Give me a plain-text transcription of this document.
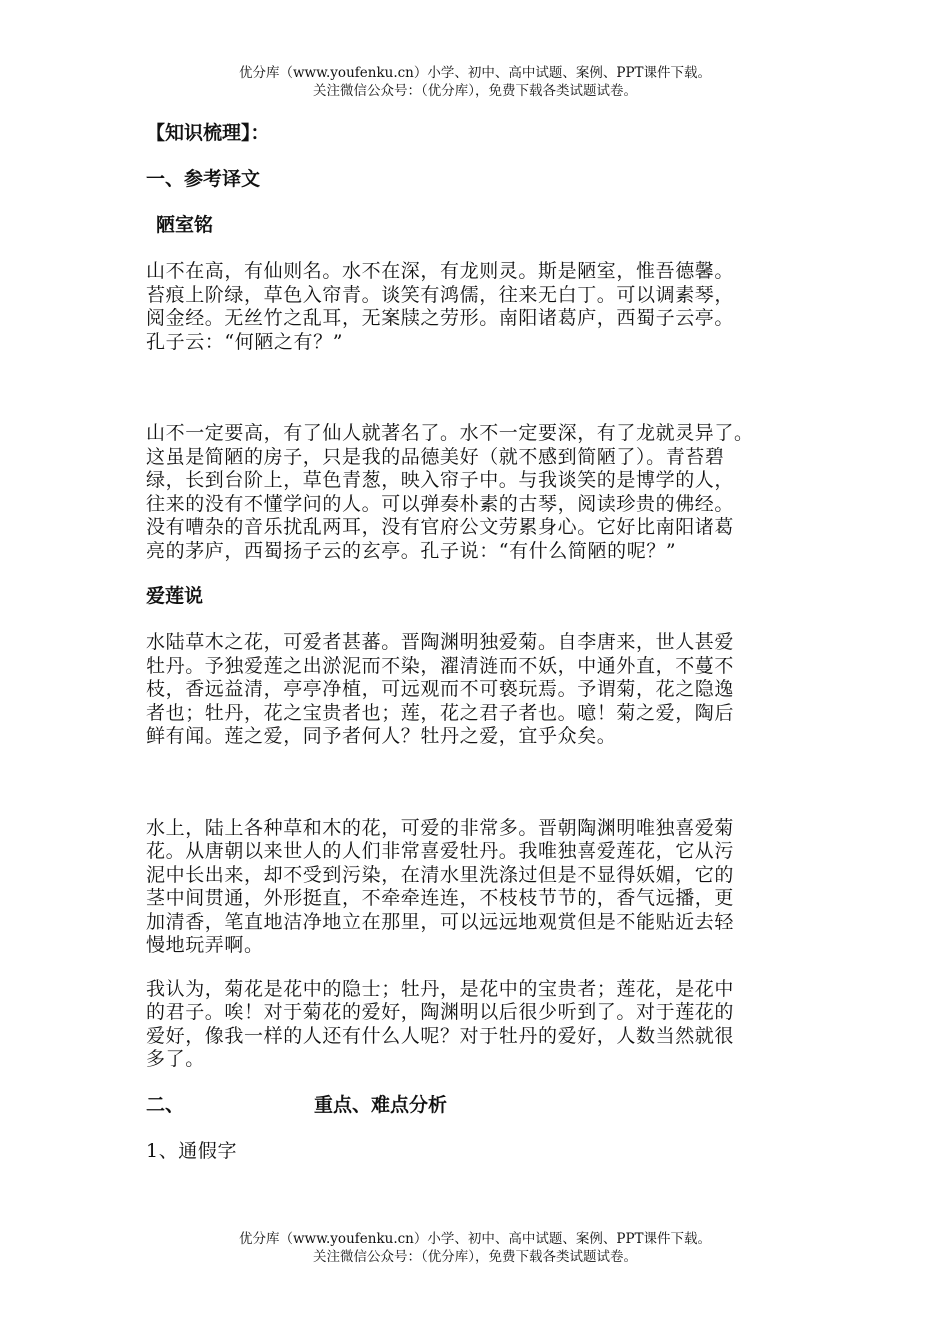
优分库（www.youfenku.cn）小学、初中、高中试题、案例、PPT课件下载。
关注微信公众号：（优分库），免费下载各类试题试卷。
【知识梳理】：
一、参考译文
陋室铭
山不在高，有仙则名。水不在深，有龙则灵。斯是陋室，惟吾德馨。
苔痕上阶绿，草色入帘青。谈笑有鸿儒，往来无白丁。可以调素琴，
阅金经。无丝竹之乱耳，无案牍之劳形。南阳诸葛庐，西蜀子云亭。
孔子云：“何陋之有？”
山不一定要高，有了仙人就著名了。水不一定要深，有了龙就灵异了。
这虽是简陋的房子，只是我的品德美好（就不感到简陋了）。青苔碧
绿，长到台阶上，草色青葱，映入帘子中。与我谈笑的是博学的人，
往来的没有不懂学问的人。可以弹奏朴素的古琴，阅读珍贵的佛经。
没有嘈杂的音乐扰乱两耳，没有官府公文劳累身心。它好比南阳诸葛
亮的茅庐，西蜀扬子云的玄亭。孔子说：“有什么简陋的呢？”
爱莲说
水陆草木之花，可爱者甚蕃。晋陶渊明独爱菊。自李唐来，世人甚爱
牡丹。予独爱莲之出淤泥而不染，濯清涟而不妖，中通外直，不蔓不
枝，香远益清，亭亭净植，可远观而不可亵玩焉。予谓菊，花之隐逸
者也；牡丹，花之宝贵者也；莲，花之君子者也。噫！菊之爱，陶后
鲜有闻。莲之爱，同予者何人？牡丹之爱，宜乎众矣。
水上，陆上各种草和木的花，可爱的非常多。晋朝陶渊明唯独喜爱菊
花。从唐朝以来世人的人们非常喜爱牡丹。我唯独喜爱莲花，它从污
泥中长出来，却不受到污染，在清水里洗涤过但是不显得妖媚，它的
茎中间贯通，外形挺直，不牵牵连连，不枝枝节节的，香气远播，更
加清香，笔直地洁净地立在那里，可以远远地观赏但是不能贴近去轻
慢地玩弄啊。
我认为，菊花是花中的隐士；牡丹，是花中的宝贵者；莲花，是花中
的君子。唉！对于菊花的爱好，陶渊明以后很少听到了。对于莲花的
爱好，像我一样的人还有什么人呢？对于牡丹的爱好，人数当然就很
多了。
二、	重点、难点分析
1、通假字
优分库（www.youfenku.cn）小学、初中、高中试题、案例、PPT课件下载。
关注微信公众号：（优分库），免费下载各类试题试卷。
